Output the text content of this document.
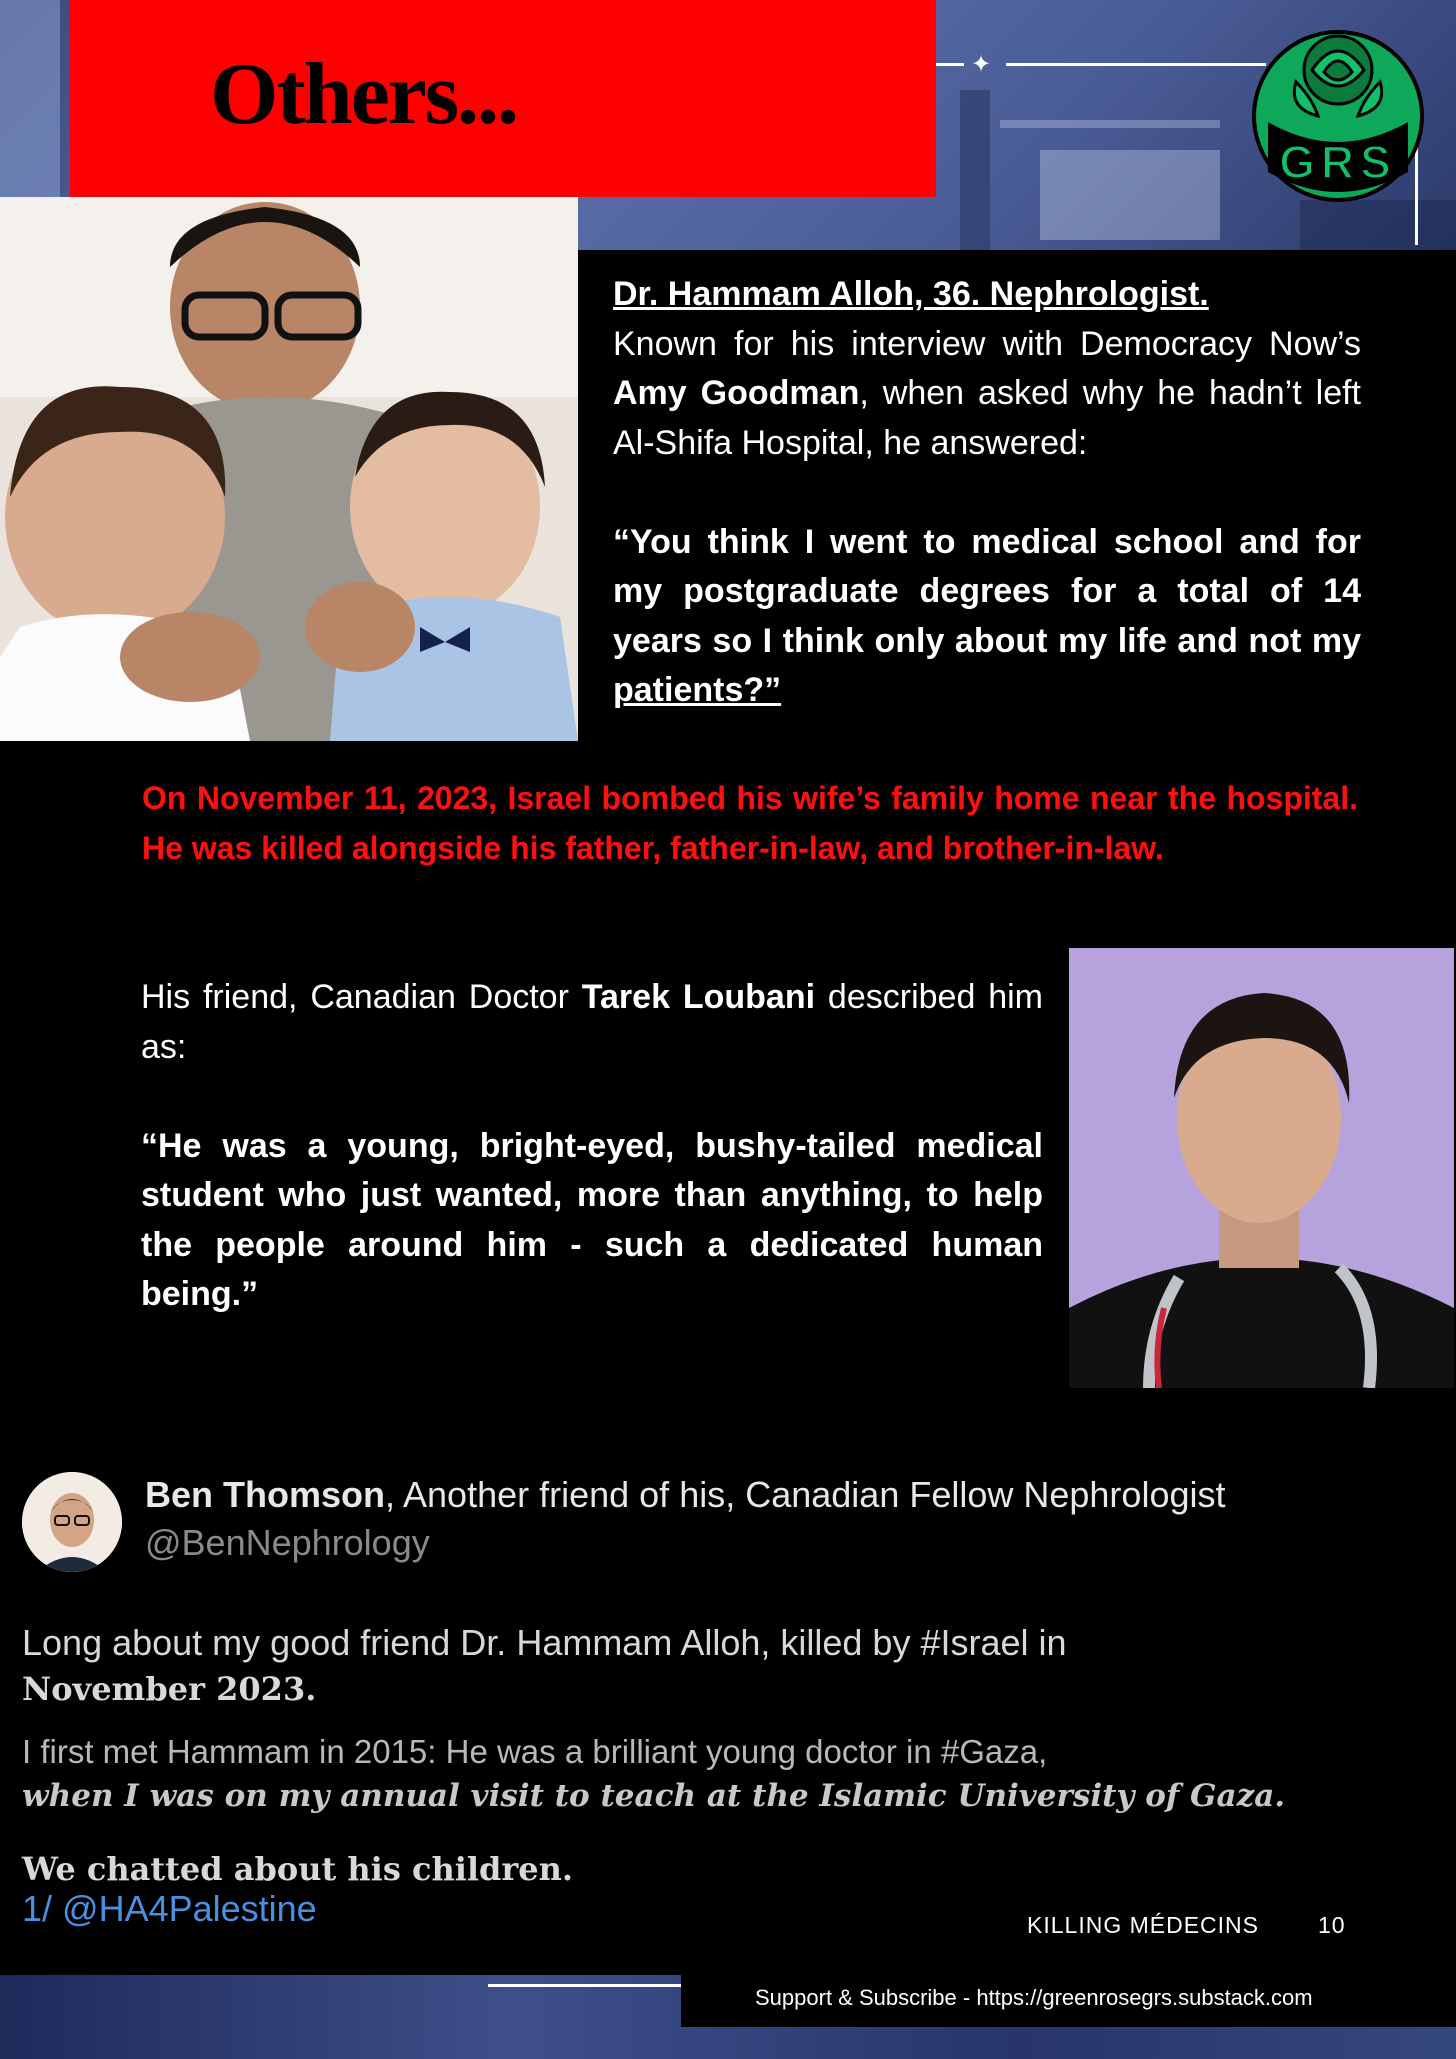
Others...	✦
GRS

Dr. Hammam Alloh, 36. Nephrologist.

Known for his interview with Democracy Now’s Amy Goodman, when asked why he hadn’t left Al-Shifa Hospital, he answered:

“You think I went to medical school and for my postgraduate degrees for a total of 14 years so I think only about my life and not my patients?”

On November 11, 2023, Israel bombed his wife’s family home near the hospital. He was killed alongside his father, father-in-law, and brother-in-law.

His friend, Canadian Doctor Tarek Loubani described him as:

“He was a young, bright-eyed, bushy-tailed medical student who just wanted, more than anything, to help the people around him - such a dedicated human being.”

Ben Thomson, Another friend of his, Canadian Fellow Nephrologist
@BenNephrology
Long about my good friend Dr. Hammam Alloh, killed by #Israel in
November 2023.
I first met Hammam in 2015: He was a brilliant young doctor in #Gaza,
when I was on my annual visit to teach at the Islamic University of Gaza.
We chatted about his children.
1/ @HA4Palestine	KILLING MÉDECINS	10
Support & Subscribe - https://greenrosegrs.substack.com
